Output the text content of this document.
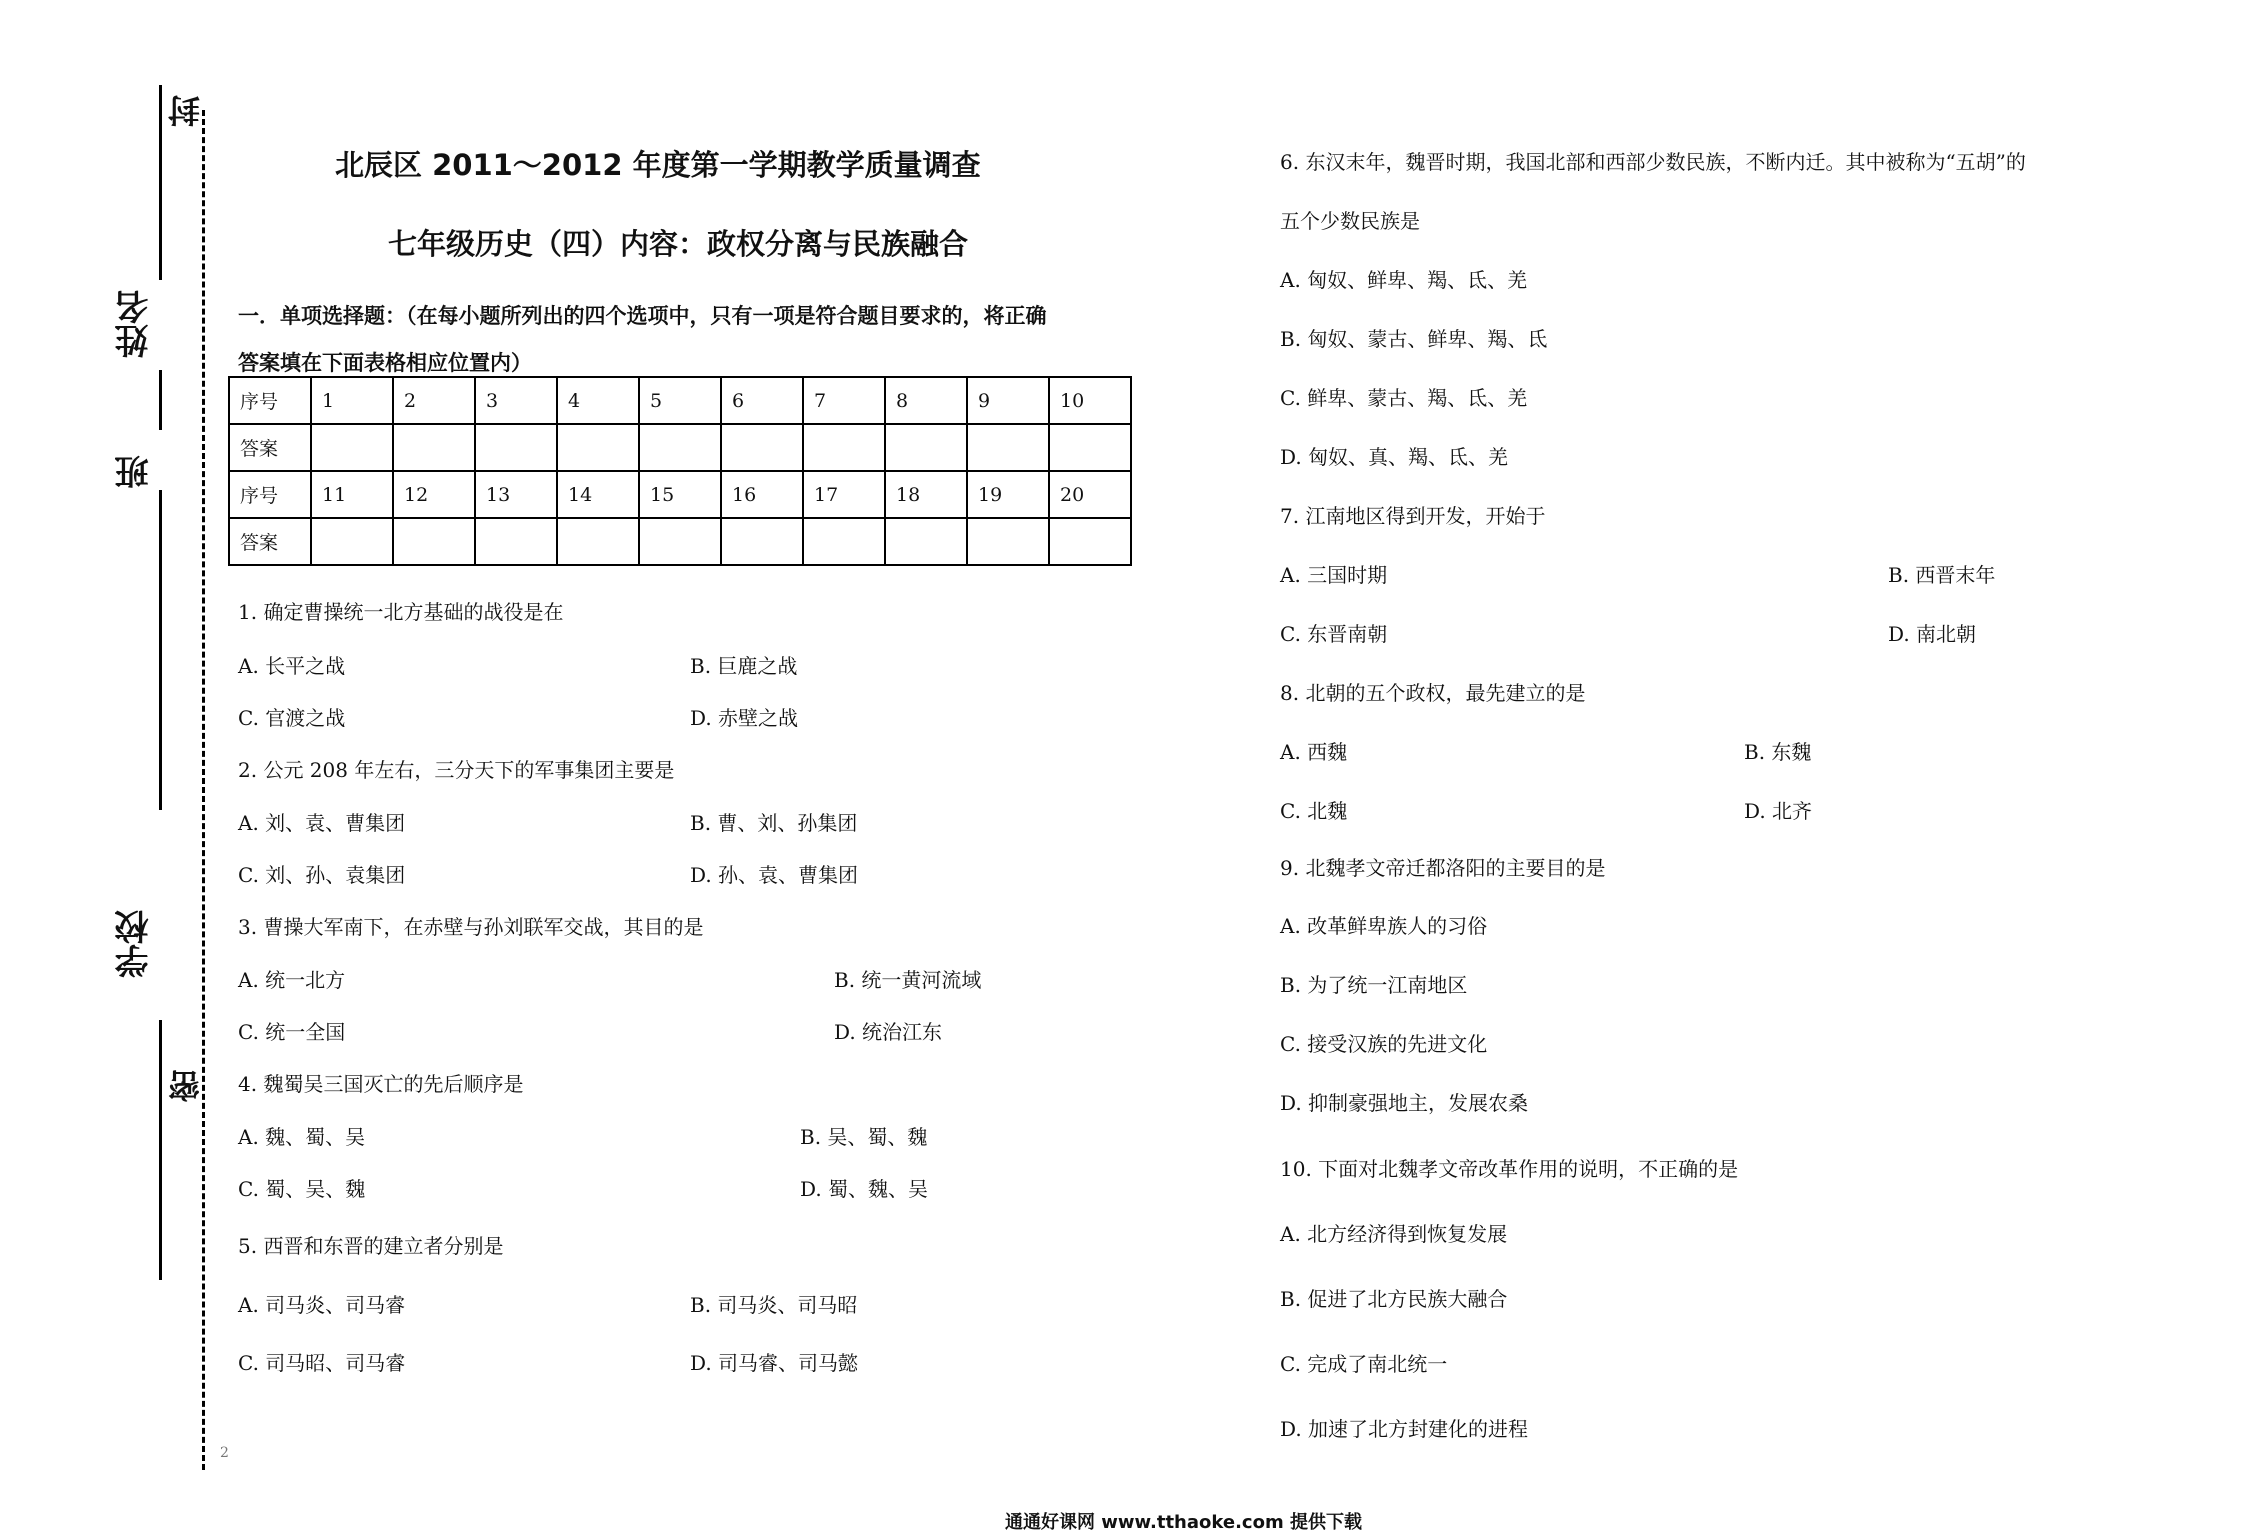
封
姓名
班
学校
密
2
北辰区 2011～2012 年度第一学期教学质量调查
七年级历史（四）内容：政权分离与民族融合
一．单项选择题：（在每小题所列出的四个选项中，只有一项是符合题目要求的，将正确
答案填在下面表格相应位置内）
序号	1	2	3	4	5	6	7	8	9	10
答案										
序号	11	12	13	14	15	16	17	18	19	20
答案										
1. 确定曹操统一北方基础的战役是在
A. 长平之战	B. 巨鹿之战
C. 官渡之战	D. 赤壁之战
2. 公元 208 年左右，三分天下的军事集团主要是
A. 刘、袁、曹集团	B. 曹、刘、孙集团
C. 刘、孙、袁集团	D. 孙、袁、曹集团
3. 曹操大军南下，在赤壁与孙刘联军交战，其目的是
A. 统一北方	B. 统一黄河流域
C. 统一全国	D. 统治江东
4. 魏蜀吴三国灭亡的先后顺序是
A. 魏、蜀、吴	B. 吴、蜀、魏
C. 蜀、吴、魏	D. 蜀、魏、吴
5. 西晋和东晋的建立者分别是
A. 司马炎、司马睿	B. 司马炎、司马昭
C. 司马昭、司马睿	D. 司马睿、司马懿
6. 东汉末年，魏晋时期，我国北部和西部少数民族，不断内迁。其中被称为“五胡”的
五个少数民族是
A. 匈奴、鲜卑、羯、氐、羌
B. 匈奴、蒙古、鲜卑、羯、氐
C. 鲜卑、蒙古、羯、氐、羌
D. 匈奴、真、羯、氐、羌
7. 江南地区得到开发，开始于
A. 三国时期	B. 西晋末年
C. 东晋南朝	D. 南北朝
8. 北朝的五个政权，最先建立的是
A. 西魏	B. 东魏
C. 北魏	D. 北齐
9. 北魏孝文帝迁都洛阳的主要目的是
A. 改革鲜卑族人的习俗
B. 为了统一江南地区
C. 接受汉族的先进文化
D. 抑制豪强地主，发展农桑
10. 下面对北魏孝文帝改革作用的说明，不正确的是
A. 北方经济得到恢复发展
B. 促进了北方民族大融合
C. 完成了南北统一
D. 加速了北方封建化的进程
通通好课网 www.tthaoke.com 提供下载
